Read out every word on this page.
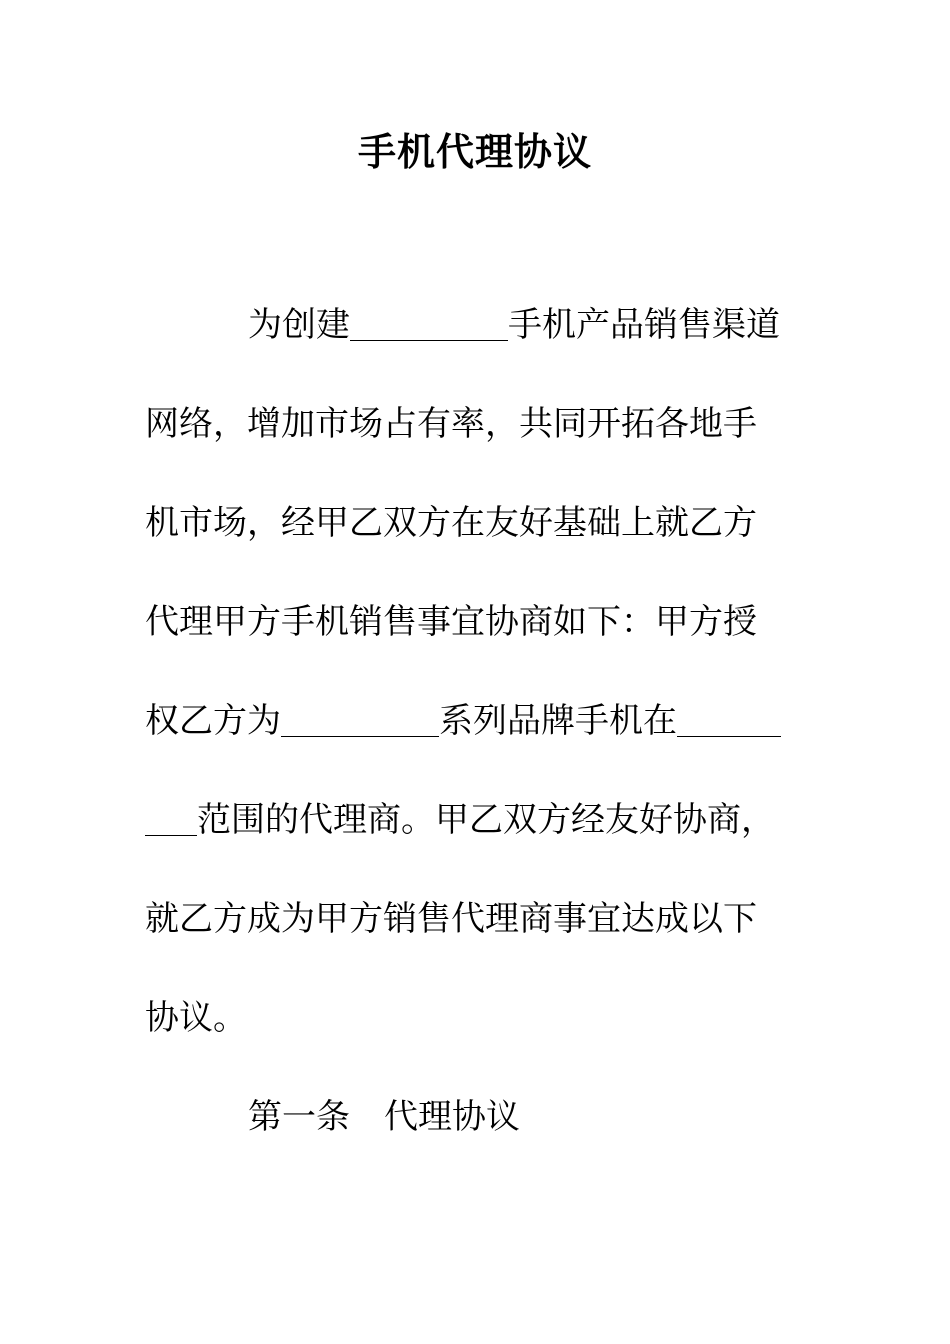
手机代理协议
为创建	手机产品销售渠道
网络，增加市场占有率，共同开拓各地手
机市场，经甲乙双方在友好基础上就乙方
代理甲方手机销售事宜协商如下：甲方授
权乙方为	系列品牌手机在
范围的代理商。甲乙双方经友好协商，
就乙方成为甲方销售代理商事宜达成以下
协议。
第一条 代理协议
